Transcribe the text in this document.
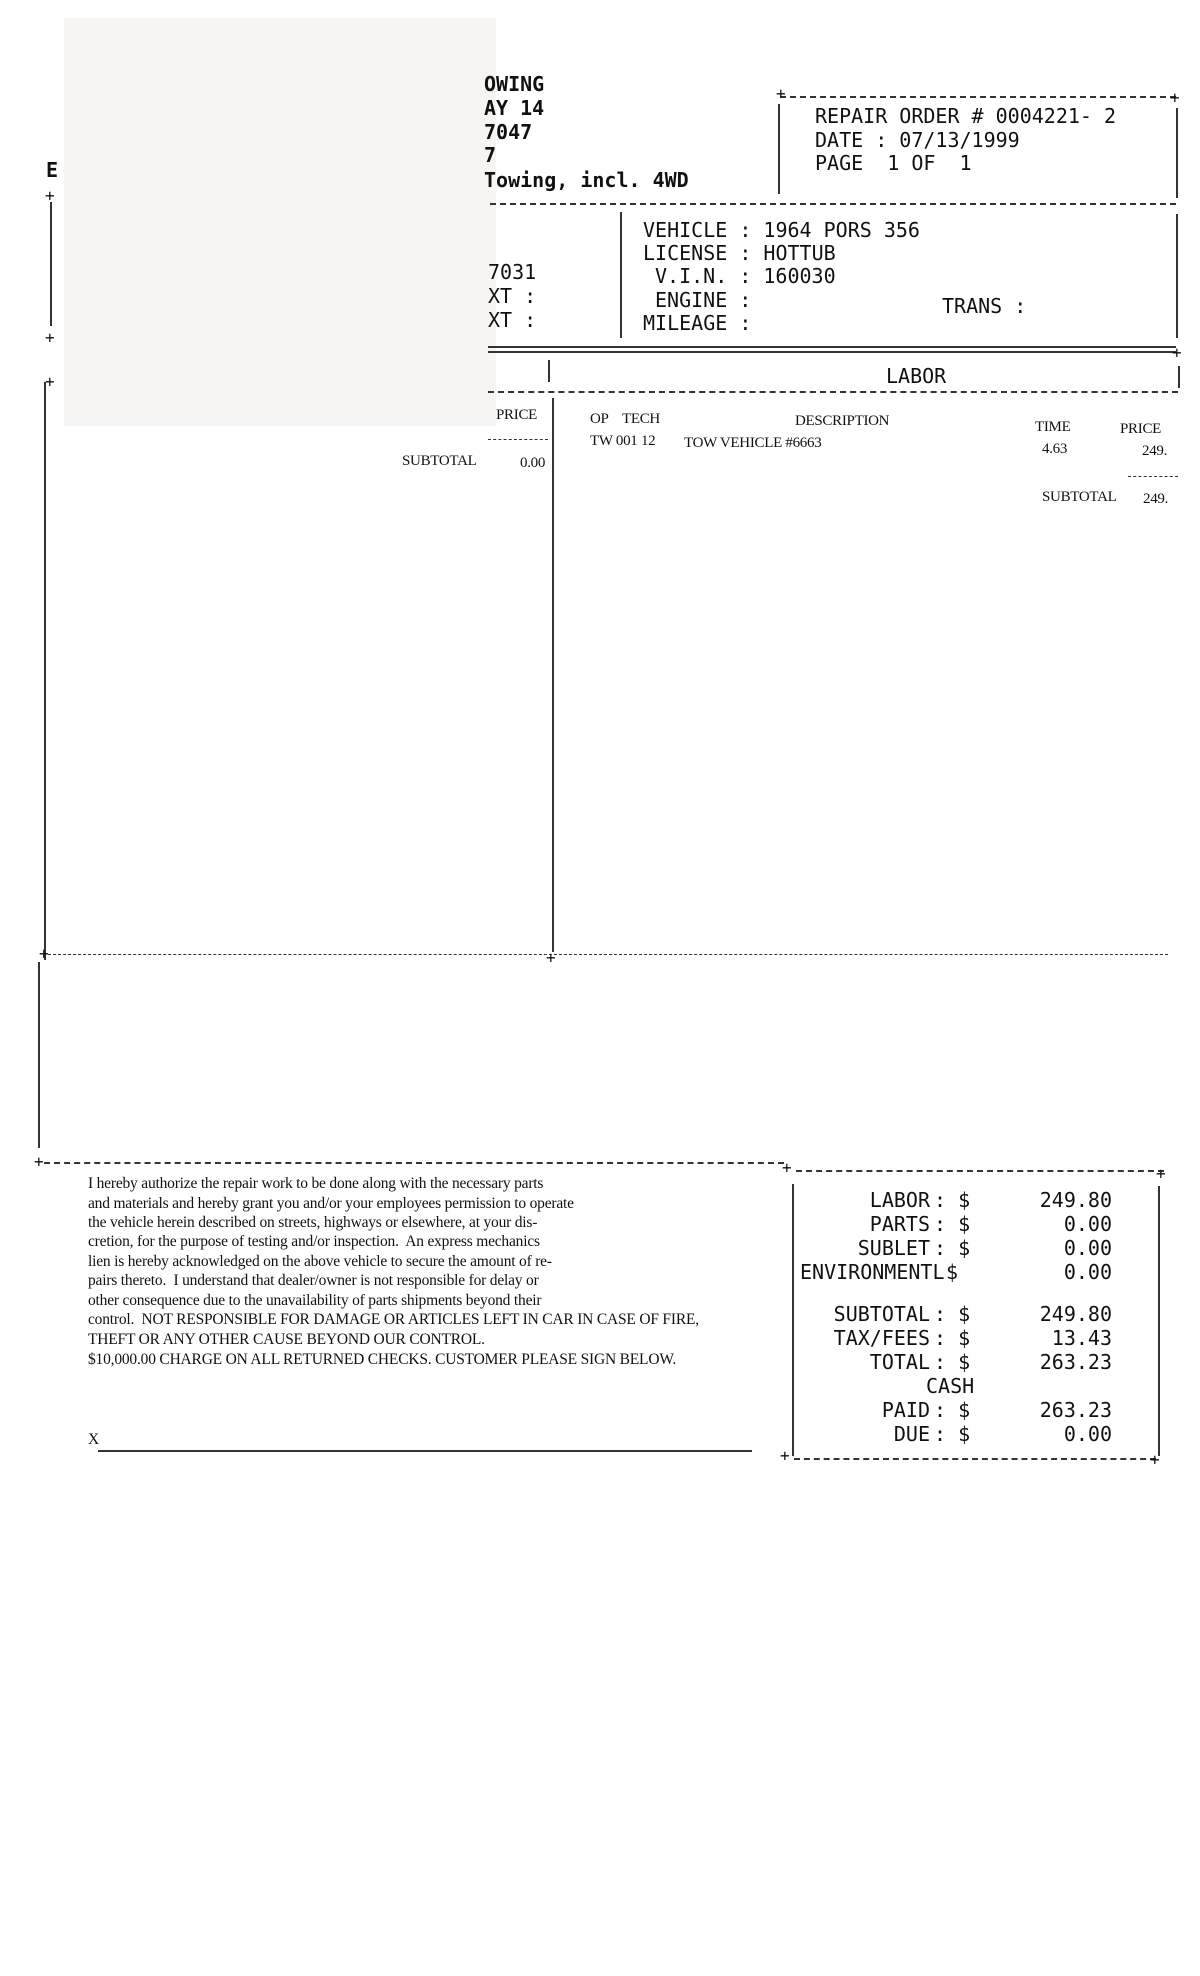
OWING
AY 14
7047
7
Towing, incl. 4WD
E
+	+
REPAIR ORDER # 0004221- 2
DATE : 07/13/1999
PAGE 1 OF  1
+
+
+
7031
XT :
XT :
VEHICLE : 1964 PORS 356
LICENSE : HOTTUB
V.I.N. : 160030
ENGINE :	TRANS :
MILEAGE :
+
LABOR
PRICE
SUBTOTAL	0.00
OP TECH	DESCRIPTION	TIME	PRICE
TW 001 12 TOW VEHICLE #6663	4.63	249.
SUBTOTAL 249.
+	+
+	+	+
I hereby authorize the repair work to be done along with the necessary parts
and materials and hereby grant you and/or your employees permission to operate
the vehicle herein described on streets, highways or elsewhere, at your dis-
cretion, for the purpose of testing and/or inspection.  An express mechanics
lien is hereby acknowledged on the above vehicle to secure the amount of re-
pairs thereto.  I understand that dealer/owner is not responsible for delay or
other consequence due to the unavailability of parts shipments beyond their
control.  NOT RESPONSIBLE FOR DAMAGE OR ARTICLES LEFT IN CAR IN CASE OF FIRE,
THEFT OR ANY OTHER CAUSE BEYOND OUR CONTROL.
$10,000.00 CHARGE ON ALL RETURNED CHECKS. CUSTOMER PLEASE SIGN BELOW.
X
LABOR : $	249.80
PARTS : $	0.00
SUBLET : $	0.00
ENVIRONMENTL $	0.00
SUBTOTAL : $	249.80
TAX/FEES : $	13.43
TOTAL : $	263.23
CASH
PAID : $	263.23
DUE : $	0.00
+	+
